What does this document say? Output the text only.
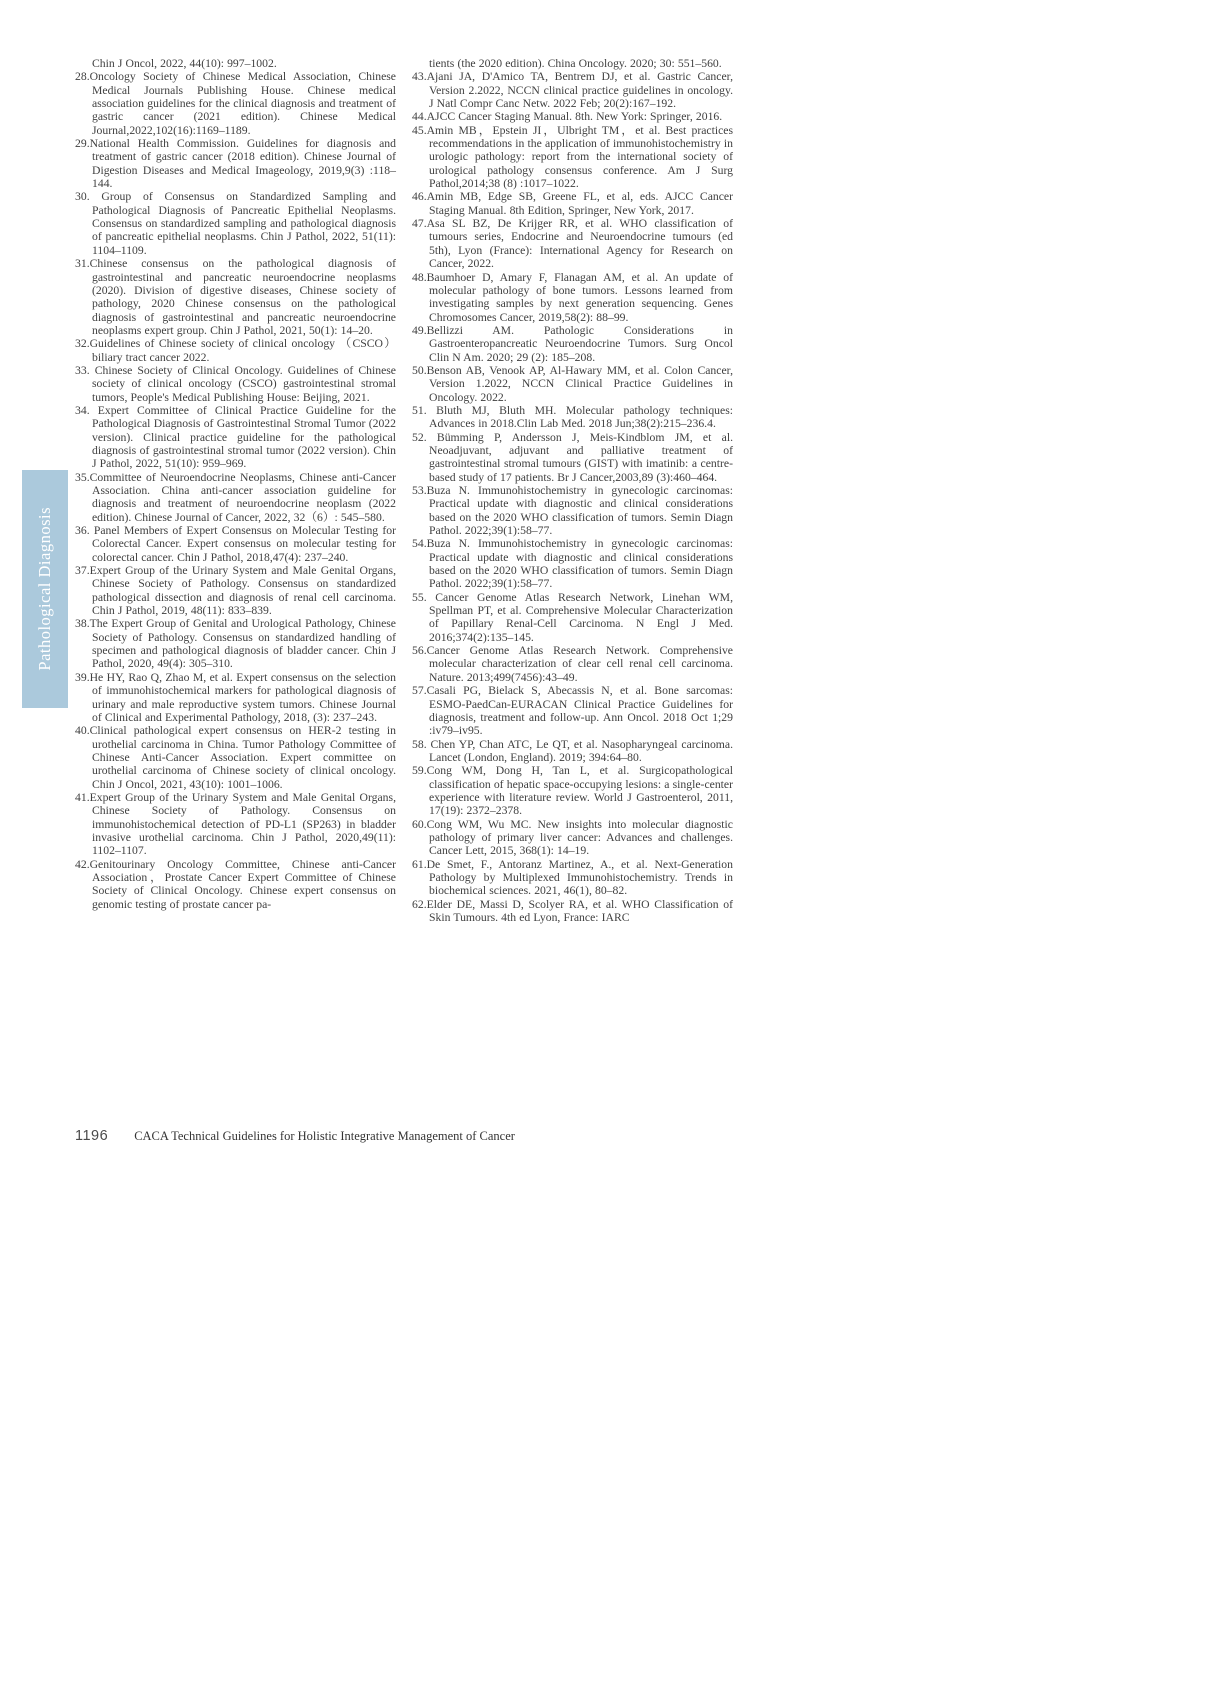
Pathological Diagnosis

Chin J Oncol, 2022, 44(10): 997–1002.

28.Oncology Society of Chinese Medical Association, Chinese Medical Journals Publishing House. Chinese medical association guidelines for the clinical diagnosis and treatment of gastric cancer (2021 edition). Chinese Medical Journal,2022,102(16):1169–1189.

29.National Health Commission. Guidelines for diagnosis and treatment of gastric cancer (2018 edition). Chinese Journal of Digestion Diseases and Medical Imageology, 2019,9(3) :118–144.

30. Group of Consensus on Standardized Sampling and Pathological Diagnosis of Pancreatic Epithelial Neoplasms. Consensus on standardized sampling and pathological diagnosis of pancreatic epithelial neoplasms. Chin J Pathol, 2022, 51(11): 1104–1109.

31.Chinese consensus on the pathological diagnosis of gastrointestinal and pancreatic neuroendocrine neoplasms (2020). Division of digestive diseases, Chinese society of pathology, 2020 Chinese consensus on the pathological diagnosis of gastrointestinal and pancreatic neuroendocrine neoplasms expert group. Chin J Pathol, 2021, 50(1): 14–20.

32.Guidelines of Chinese society of clinical oncology （CSCO）biliary tract cancer 2022.

33. Chinese Society of Clinical Oncology. Guidelines of Chinese society of clinical oncology (CSCO) gastrointestinal stromal tumors, People's Medical Publishing House: Beijing, 2021.

34. Expert Committee of Clinical Practice Guideline for the Pathological Diagnosis of Gastrointestinal Stromal Tumor (2022 version). Clinical practice guideline for the pathological diagnosis of gastrointestinal stromal tumor (2022 version). Chin J Pathol, 2022, 51(10): 959–969.

35.Committee of Neuroendocrine Neoplasms, Chinese anti-Cancer Association. China anti-cancer association guideline for diagnosis and treatment of neuroendocrine neoplasm (2022 edition). Chinese Journal of Cancer, 2022, 32（6）: 545–580.

36. Panel Members of Expert Consensus on Molecular Testing for Colorectal Cancer. Expert consensus on molecular testing for colorectal cancer. Chin J Pathol, 2018,47(4): 237–240.

37.Expert Group of the Urinary System and Male Genital Organs, Chinese Society of Pathology. Consensus on standardized pathological dissection and diagnosis of renal cell carcinoma. Chin J Pathol, 2019, 48(11): 833–839.

38.The Expert Group of Genital and Urological Pathology, Chinese Society of Pathology. Consensus on standardized handling of specimen and pathological diagnosis of bladder cancer. Chin J Pathol, 2020, 49(4): 305–310.

39.He HY, Rao Q, Zhao M, et al. Expert consensus on the selection of immunohistochemical markers for pathological diagnosis of urinary and male reproductive system tumors. Chinese Journal of Clinical and Experimental Pathology, 2018, (3): 237–243.

40.Clinical pathological expert consensus on HER-2 testing in urothelial carcinoma in China. Tumor Pathology Committee of Chinese Anti-Cancer Association. Expert committee on urothelial carcinoma of Chinese society of clinical oncology. Chin J Oncol, 2021, 43(10): 1001–1006.

41.Expert Group of the Urinary System and Male Genital Organs, Chinese Society of Pathology. Consensus on immunohistochemical detection of PD-L1 (SP263) in bladder invasive urothelial carcinoma. Chin J Pathol, 2020,49(11): 1102–1107.

42.Genitourinary Oncology Committee, Chinese anti-Cancer Association，Prostate Cancer Expert Committee of Chinese Society of Clinical Oncology. Chinese expert consensus on genomic testing of prostate cancer pa-

tients (the 2020 edition). China Oncology. 2020; 30: 551–560.

43.Ajani JA, D'Amico TA, Bentrem DJ, et al. Gastric Cancer, Version 2.2022, NCCN clinical practice guidelines in oncology. J Natl Compr Canc Netw. 2022 Feb; 20(2):167–192.

44.AJCC Cancer Staging Manual. 8th. New York: Springer, 2016.

45.Amin MB，Epstein JI，Ulbright TM，et al. Best practices recommendations in the application of immunohistochemistry in urologic pathology: report from the international society of urological pathology consensus conference. Am J Surg Pathol,2014;38 (8) :1017–1022.

46.Amin MB, Edge SB, Greene FL, et al, eds. AJCC Cancer Staging Manual. 8th Edition, Springer, New York, 2017.

47.Asa SL BZ, De Krijger RR, et al. WHO classification of tumours series, Endocrine and Neuroendocrine tumours (ed 5th), Lyon (France): International Agency for Research on Cancer, 2022.

48.Baumhoer D, Amary F, Flanagan AM, et al. An update of molecular pathology of bone tumors. Lessons learned from investigating samples by next generation sequencing. Genes Chromosomes Cancer, 2019,58(2): 88–99.

49.Bellizzi AM. Pathologic Considerations in Gastroenteropancreatic Neuroendocrine Tumors. Surg Oncol Clin N Am. 2020; 29 (2): 185–208.

50.Benson AB, Venook AP, Al-Hawary MM, et al. Colon Cancer, Version 1.2022, NCCN Clinical Practice Guidelines in Oncology. 2022.

51. Bluth MJ, Bluth MH. Molecular pathology techniques: Advances in 2018.Clin Lab Med. 2018 Jun;38(2):215–236.4.

52. Bümming P, Andersson J, Meis-Kindblom JM, et al. Neoadjuvant, adjuvant and palliative treatment of gastrointestinal stromal tumours (GIST) with imatinib: a centre-based study of 17 patients. Br J Cancer,2003,89 (3):460–464.

53.Buza N. Immunohistochemistry in gynecologic carcinomas: Practical update with diagnostic and clinical considerations based on the 2020 WHO classification of tumors. Semin Diagn Pathol. 2022;39(1):58–77.

54.Buza N. Immunohistochemistry in gynecologic carcinomas: Practical update with diagnostic and clinical considerations based on the 2020 WHO classification of tumors. Semin Diagn Pathol. 2022;39(1):58–77.

55. Cancer Genome Atlas Research Network, Linehan WM, Spellman PT, et al. Comprehensive Molecular Characterization of Papillary Renal-Cell Carcinoma. N Engl J Med. 2016;374(2):135–145.

56.Cancer Genome Atlas Research Network. Comprehensive molecular characterization of clear cell renal cell carcinoma. Nature. 2013;499(7456):43–49.

57.Casali PG, Bielack S, Abecassis N, et al. Bone sarcomas: ESMO-PaedCan-EURACAN Clinical Practice Guidelines for diagnosis, treatment and follow-up. Ann Oncol. 2018 Oct 1;29 :iv79–iv95.

58. Chen YP, Chan ATC, Le QT, et al. Nasopharyngeal carcinoma. Lancet (London, England). 2019; 394:64–80.

59.Cong WM, Dong H, Tan L, et al. Surgicopathological classification of hepatic space-occupying lesions: a single-center experience with literature review. World J Gastroenterol, 2011, 17(19): 2372–2378.

60.Cong WM, Wu MC. New insights into molecular diagnostic pathology of primary liver cancer: Advances and challenges. Cancer Lett, 2015, 368(1): 14–19.

61.De Smet, F., Antoranz Martinez, A., et al. Next-Generation Pathology by Multiplexed Immunohistochemistry. Trends in biochemical sciences. 2021, 46(1), 80–82.

62.Elder DE, Massi D, Scolyer RA, et al. WHO Classification of Skin Tumours. 4th ed Lyon, France: IARC

1196 CACA Technical Guidelines for Holistic Integrative Management of Cancer
